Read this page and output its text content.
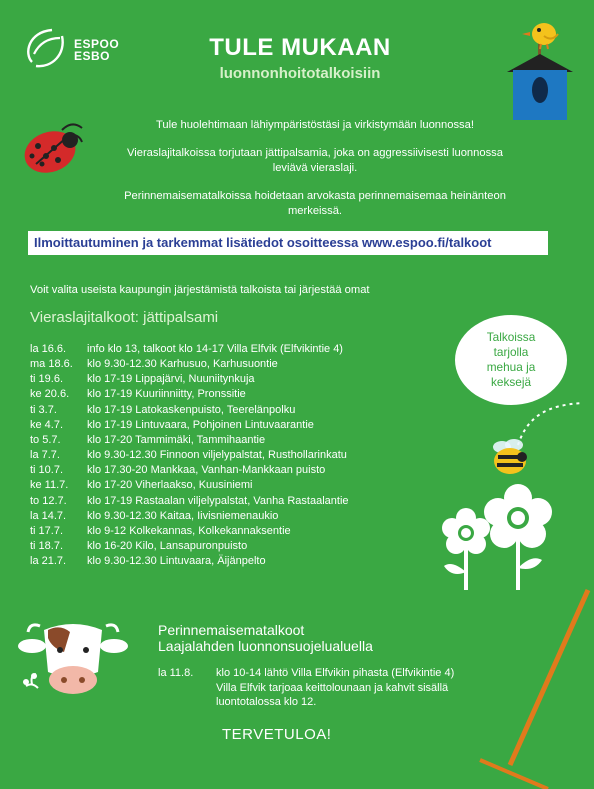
ESPOO
ESBO	TULE MUKAAN
luonnonhoitotalkoisiin

Tule huolehtimaan lähiympäristöstäsi ja virkistymään luonnossa!

Vieraslajitalkoissa torjutaan jättipalsamia, joka on aggressiivisesti luonnossa leviävä vieraslaji.

Perinnemaisematalkoissa hoidetaan arvokasta perinnemaisemaa heinänteon merkeissä.

Ilmoittautuminen ja tarkemmat lisätiedot osoitteessa www.espoo.fi/talkoot
Voit valita useista kaupungin järjestämistä talkoista tai järjestää omat
Vieraslajitalkoot: jättipalsami
la 16.6.	info klo 13, talkoot klo 14-17 Villa Elfvik (Elfvikintie 4)
ma 18.6.	klo 9.30-12.30 Karhusuo, Karhusuontie
ti 19.6.	klo 17-19 Lippajärvi, Nuuniitynkuja
ke 20.6.	klo 17-19 Kuuriinniitty, Pronssitie
ti 3.7.	klo 17-19 Latokaskenpuisto, Teerelänpolku
ke 4.7.	klo 17-19 Lintuvaara, Pohjoinen Lintuvaarantie
to 5.7.	klo 17-20 Tammimäki, Tammihaantie
la 7.7.	klo 9.30-12.30 Finnoon viljelypalstat, Rusthollarinkatu
ti 10.7.	klo 17.30-20 Mankkaa, Vanhan-Mankkaan puisto
ke 11.7.	klo 17-20 Viherlaakso, Kuusiniemi
to 12.7.	klo 17-19 Rastaalan viljelypalstat, Vanha Rastaalantie
la 14.7.	klo 9.30-12.30 Kaitaa, Iivisniemenaukio
ti 17.7.	klo 9-12 Kolkekannas, Kolkekannaksentie
ti 18.7.	klo 16-20 Kilo, Lansapuronpuisto
la 21.7.	klo 9.30-12.30 Lintuvaara, Äijänpelto
Talkoissa
tarjolla
mehua ja
keksejä
Perinnemaisematalkoot
Laajalahden luonnonsuojelualuella
la 11.8.	klo 10-14 lähtö Villa Elfvikin pihasta (Elfvikintie 4)
Villa Elfvik tarjoaa keittolounaan ja kahvit sisällä
luontotalossa klo 12.
TERVETULOA!
